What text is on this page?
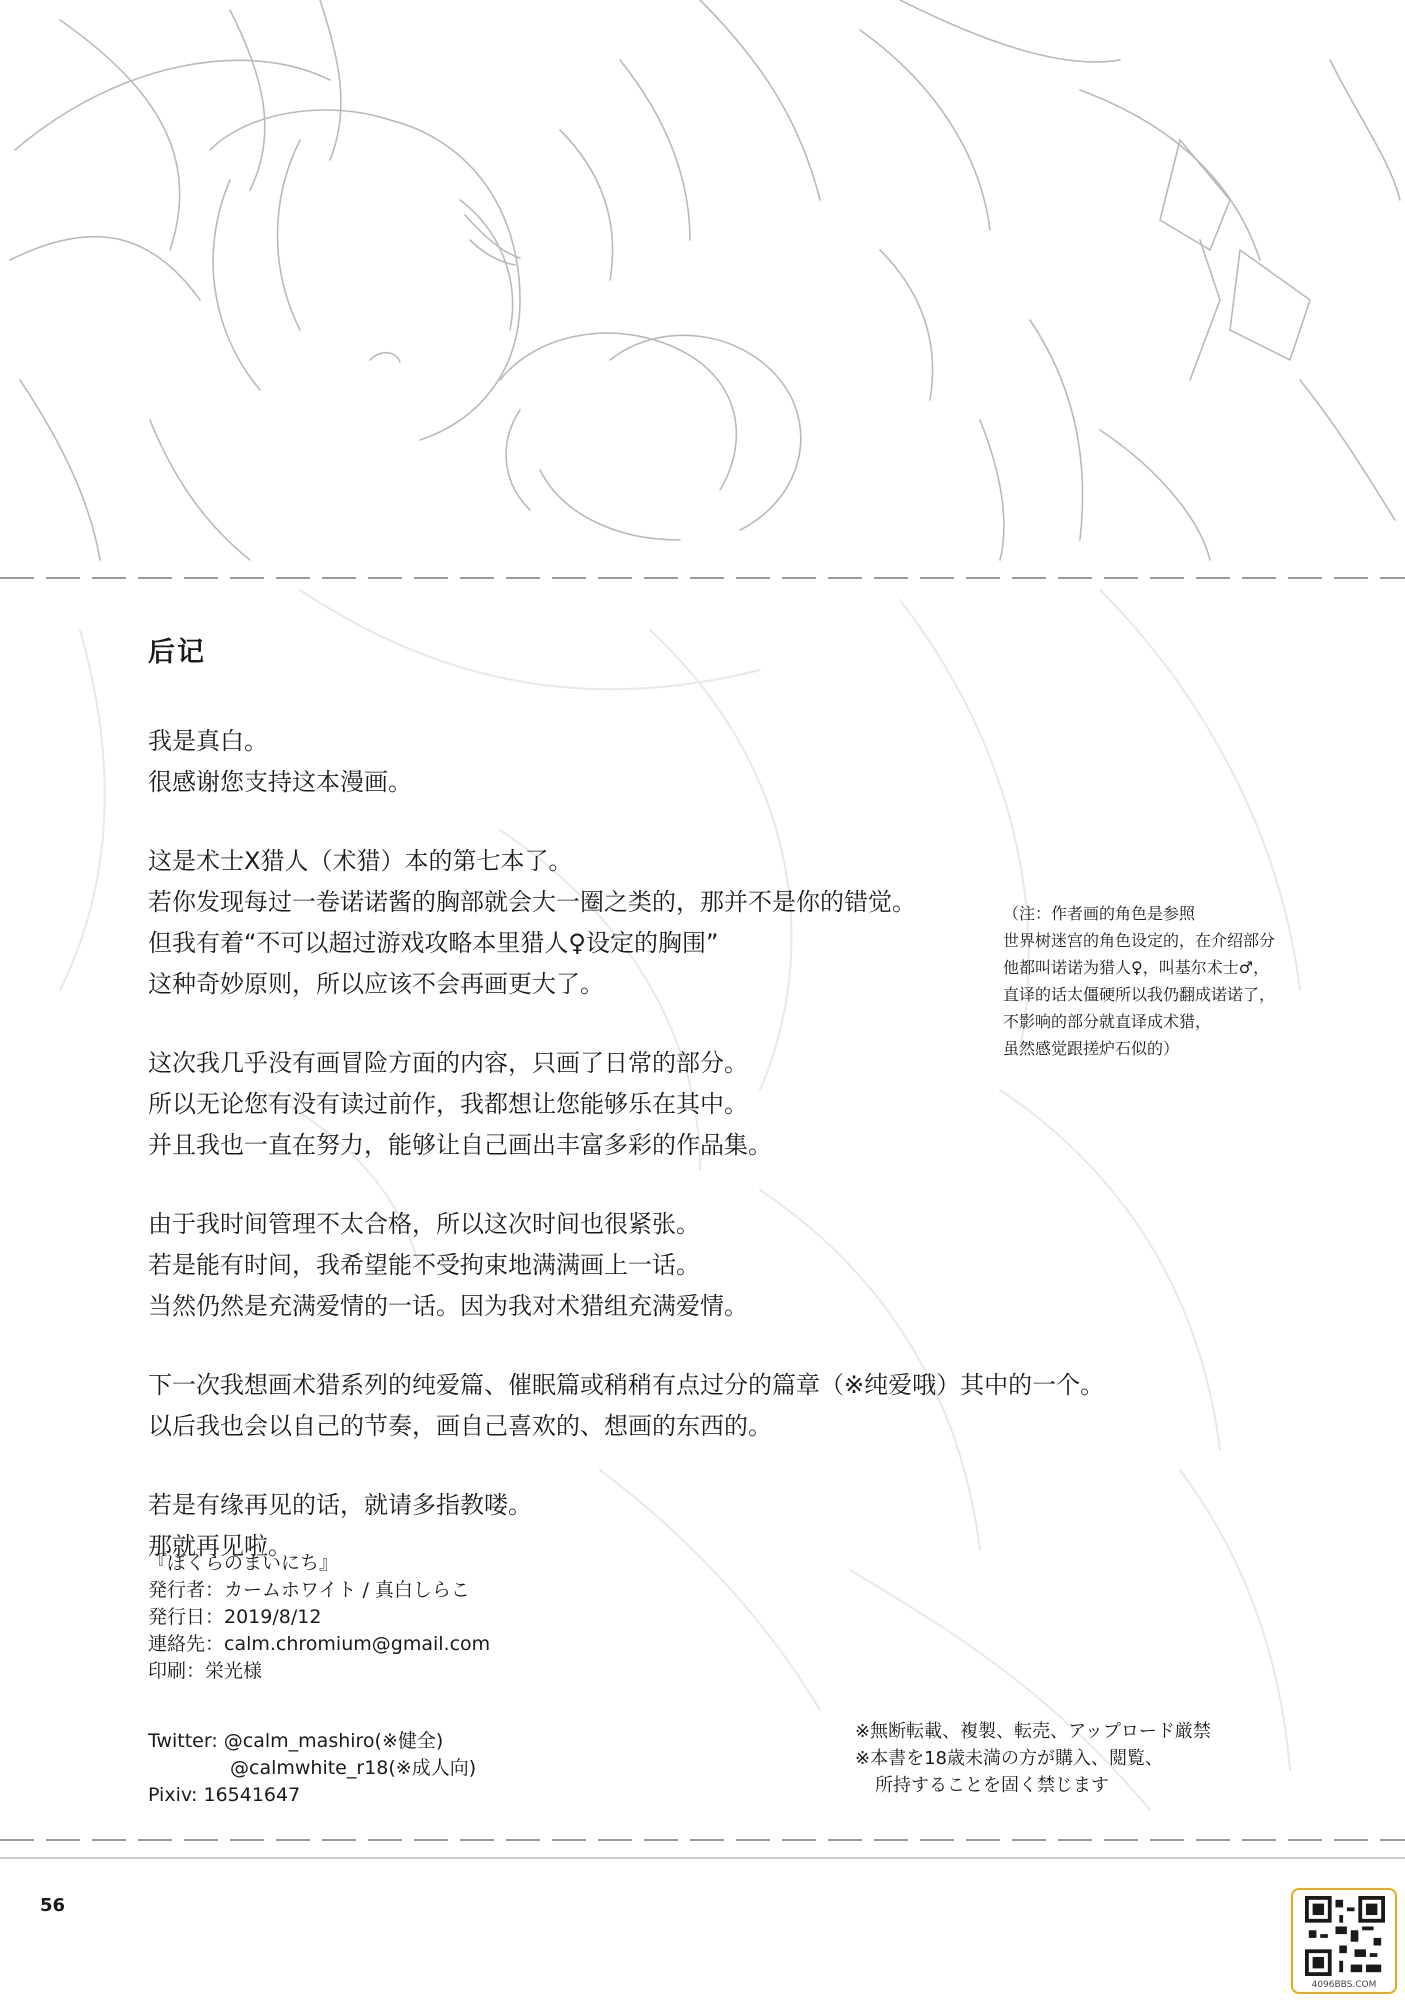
后记
我是真白。
很感谢您支持这本漫画。
这是术士X猎人（术猎）本的第七本了。
若你发现每过一卷诺诺酱的胸部就会大一圈之类的，那并不是你的错觉。
但我有着“不可以超过游戏攻略本里猎人♀设定的胸围”
这种奇妙原则，所以应该不会再画更大了。
这次我几乎没有画冒险方面的内容，只画了日常的部分。
所以无论您有没有读过前作，我都想让您能够乐在其中。
并且我也一直在努力，能够让自己画出丰富多彩的作品集。
由于我时间管理不太合格，所以这次时间也很紧张。
若是能有时间，我希望能不受拘束地满满画上一话。
当然仍然是充满爱情的一话。因为我对术猎组充满爱情。
下一次我想画术猎系列的纯爱篇、催眠篇或稍稍有点过分的篇章（※纯爱哦）其中的一个。
以后我也会以自己的节奏，画自己喜欢的、想画的东西的。
若是有缘再见的话，就请多指教喽。
那就再见啦。
（注：作者画的角色是参照
世界树迷宫的角色设定的，在介绍部分
他都叫诺诺为猎人♀，叫基尔术士♂，
直译的话太僵硬所以我仍翻成诺诺了，
不影响的部分就直译成术猎，
虽然感觉跟搓炉石似的）
『ぼくらのまいにち』
発行者：カームホワイト / 真白しらこ
発行日：2019/8/12
連絡先：calm.chromium@gmail.com
印刷：栄光様
Twitter: @calm_mashiro(※健全)
@calmwhite_r18(※成人向)
Pixiv: 16541647
※無断転載、複製、転売、アップロード厳禁
※本書を18歳未満の方が購入、閲覧、
所持することを固く禁じます
56
4096BBS.COM
